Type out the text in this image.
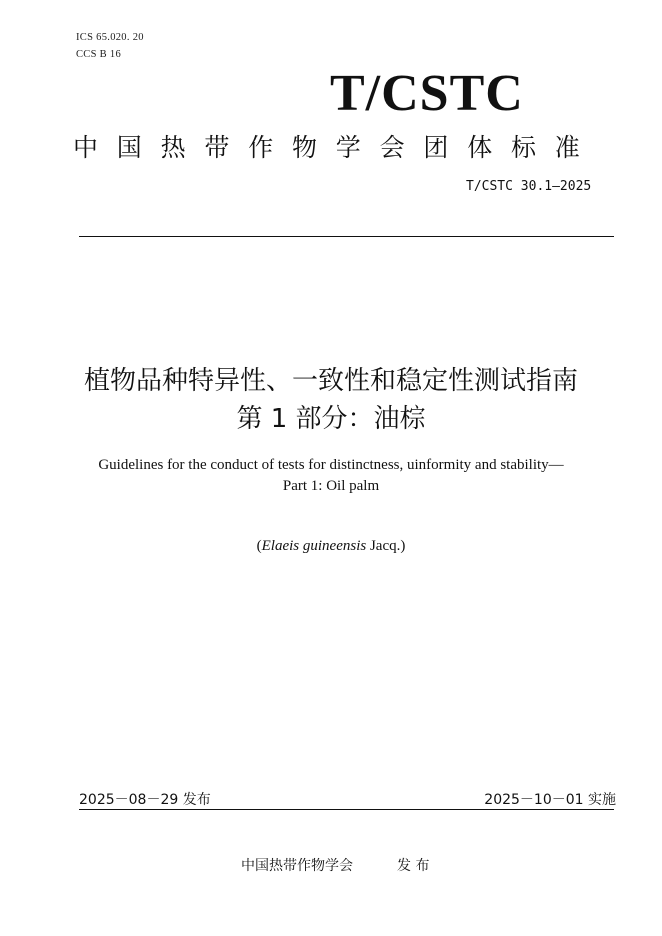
ICS 65.020. 20
CCS B 16
T/CSTC
中国热带作物学会团体标准
T/CSTC 30.1—2025
植物品种特异性、一致性和稳定性测试指南
第 1 部分：油棕
Guidelines for the conduct of tests for distinctness, uinformity and stability—
Part 1: Oil palm
(Elaeis guineensis Jacq.)
2025－08－29 发布	2025－10－01 实施
中国热带作物学会	发 布
